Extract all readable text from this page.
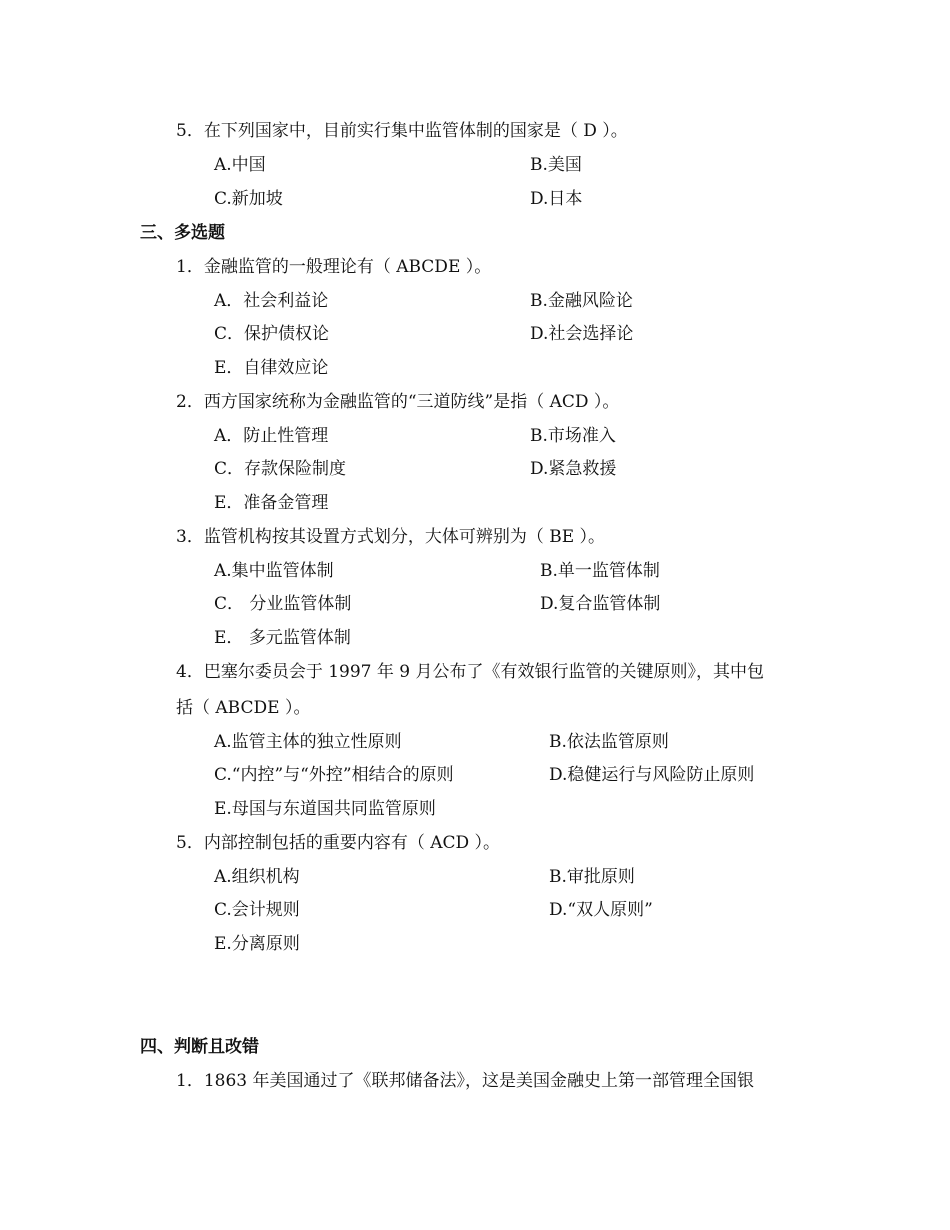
5．在下列国家中，目前实行集中监管体制的国家是（ D ）。
A.中国	B.美国
C.新加坡	D.日本
三、多选题
1．金融监管的一般理论有（ ABCDE ）。
A．社会利益论	B.金融风险论
C．保护债权论	D.社会选择论
E．自律效应论
2．西方国家统称为金融监管的“三道防线”是指（ ACD ）。
A．防止性管理	B.市场准入
C．存款保险制度	D.紧急救援
E．准备金管理
3．监管机构按其设置方式划分，大体可辨别为（ BE ）。
A.集中监管体制	B.单一监管体制
C． 分业监管体制	D.复合监管体制
E． 多元监管体制
4．巴塞尔委员会于 1997 年 9 月公布了《有效银行监管的关键原则》，其中包
括（ ABCDE ）。
A.监管主体的独立性原则	B.依法监管原则
C.“内控”与“外控”相结合的原则	D.稳健运行与风险防止原则
E.母国与东道国共同监管原则
5．内部控制包括的重要内容有（ ACD ）。
A.组织机构	B.审批原则
C.会计规则	D.“双人原则”
E.分离原则
四、判断且改错
1．1863 年美国通过了《联邦储备法》，这是美国金融史上第一部管理全国银
